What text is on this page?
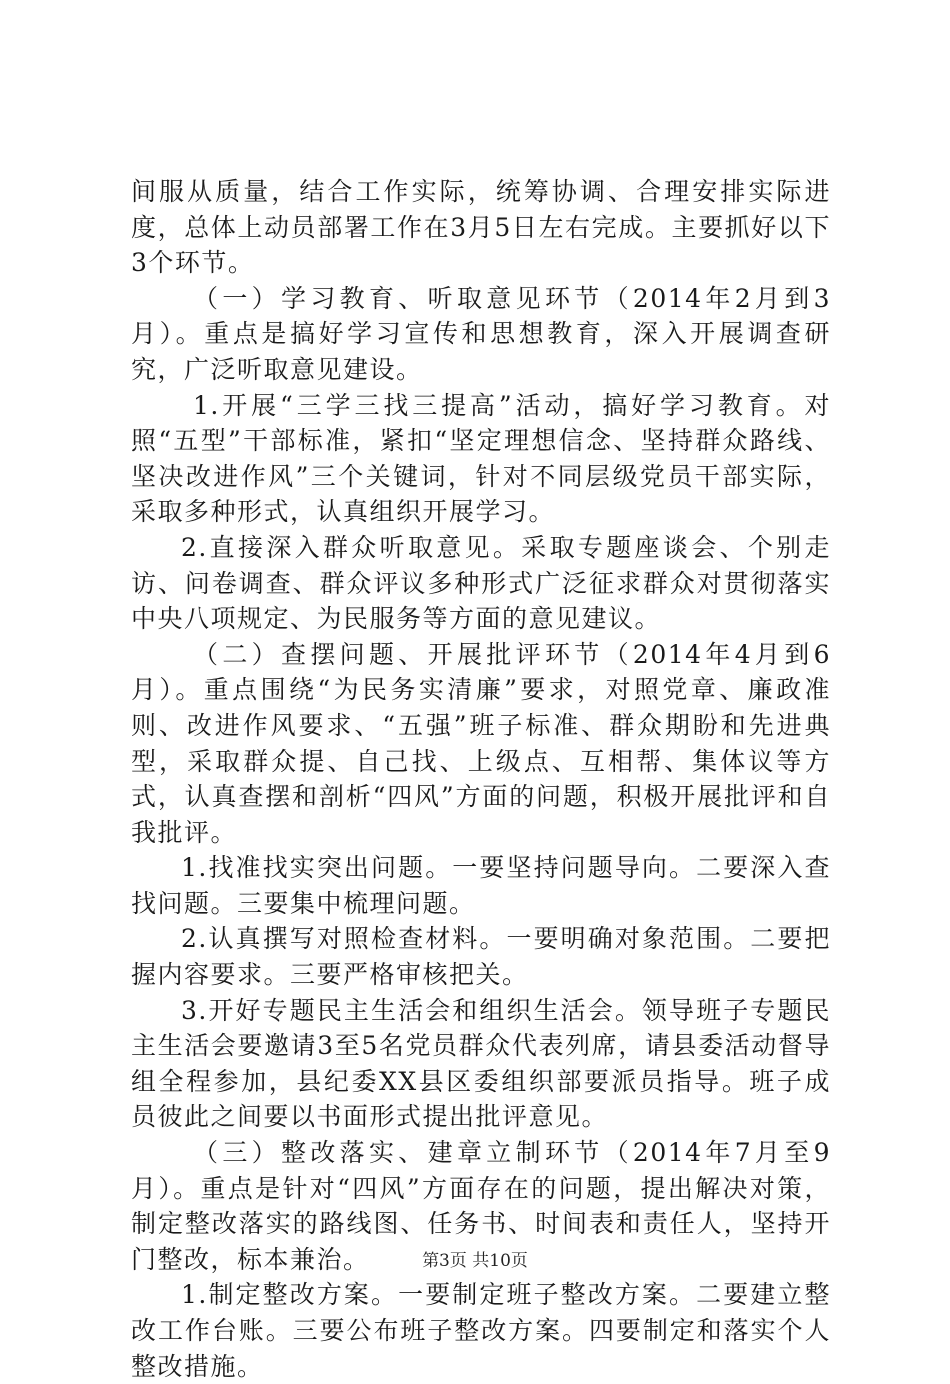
间服从质量，结合工作实际，统筹协调、合理安排实际进度，总体上动员部署工作在3月5日左右完成。主要抓好以下3个环节。

（一）学习教育、听取意见环节（2014年2月到3月）。重点是搞好学习宣传和思想教育，深入开展调查研究，广泛听取意见建设。

1.开展“三学三找三提高”活动，搞好学习教育。对照“五型”干部标准，紧扣“坚定理想信念、坚持群众路线、坚决改进作风”三个关键词，针对不同层级党员干部实际，采取多种形式，认真组织开展学习。

2.直接深入群众听取意见。采取专题座谈会、个别走访、问卷调查、群众评议多种形式广泛征求群众对贯彻落实中央八项规定、为民服务等方面的意见建议。

（二）查摆问题、开展批评环节（2014年4月到6月）。重点围绕“为民务实清廉”要求，对照党章、廉政准则、改进作风要求、“五强”班子标准、群众期盼和先进典型，采取群众提、自己找、上级点、互相帮、集体议等方式，认真查摆和剖析“四风”方面的问题，积极开展批评和自我批评。

1.找准找实突出问题。一要坚持问题导向。二要深入查找问题。三要集中梳理问题。

2.认真撰写对照检查材料。一要明确对象范围。二要把握内容要求。三要严格审核把关。

3.开好专题民主生活会和组织生活会。领导班子专题民主生活会要邀请3至5名党员群众代表列席，请县委活动督导组全程参加，县纪委XX县区委组织部要派员指导。班子成员彼此之间要以书面形式提出批评意见。

（三）整改落实、建章立制环节（2014年7月至9月）。重点是针对“四风”方面存在的问题，提出解决对策，制定整改落实的路线图、任务书、时间表和责任人，坚持开门整改，标本兼治。

1.制定整改方案。一要制定班子整改方案。二要建立整改工作台账。三要公布班子整改方案。四要制定和落实个人整改措施。

第3页 共10页
